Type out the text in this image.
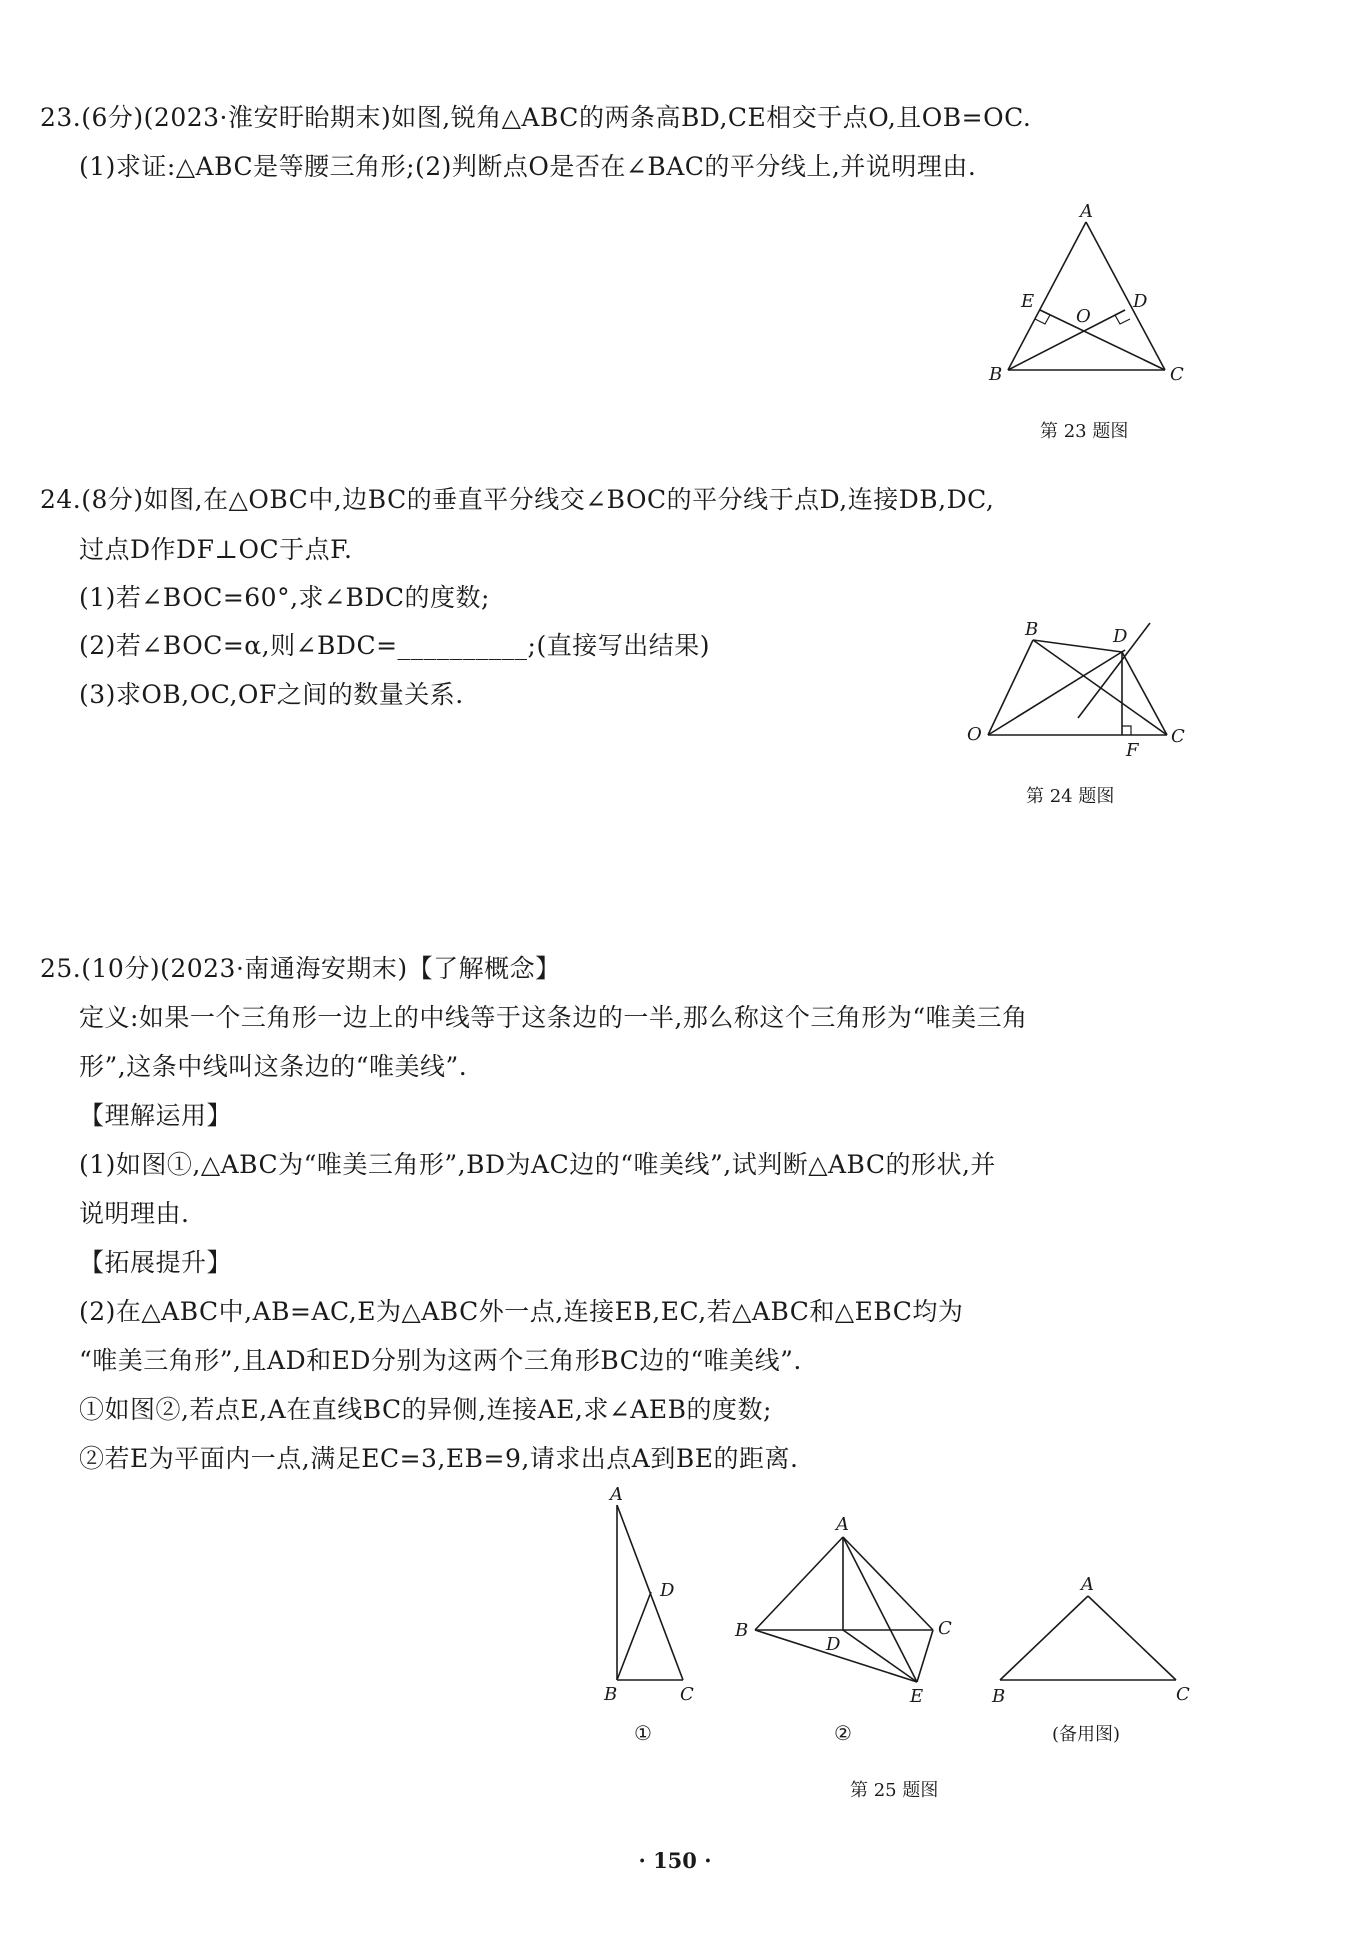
23.(6分)(2023·淮安盱眙期末)如图,锐角△ABC的两条高BD,CE相交于点O,且OB=OC.
(1)求证:△ABC是等腰三角形;(2)判断点O是否在∠BAC的平分线上,并说明理由.
A
B	C
D
E
O
第 23 题图
24.(8分)如图,在△OBC中,边BC的垂直平分线交∠BOC的平分线于点D,连接DB,DC,
过点D作DF⊥OC于点F.
(1)若∠BOC=60°,求∠BDC的度数;
(2)若∠BOC=α,则∠BDC=__________;(直接写出结果)
(3)求OB,OC,OF之间的数量关系.
B	D
O
F
C
第 24 题图
25.(10分)(2023·南通海安期末)【了解概念】
定义:如果一个三角形一边上的中线等于这条边的一半,那么称这个三角形为“唯美三角
形”,这条中线叫这条边的“唯美线”.
【理解运用】
(1)如图①,△ABC为“唯美三角形”,BD为AC边的“唯美线”,试判断△ABC的形状,并
说明理由.
【拓展提升】
(2)在△ABC中,AB=AC,E为△ABC外一点,连接EB,EC,若△ABC和△EBC均为
“唯美三角形”,且AD和ED分别为这两个三角形BC边的“唯美线”.
①如图②,若点E,A在直线BC的异侧,连接AE,求∠AEB的度数;
②若E为平面内一点,满足EC=3,EB=9,请求出点A到BE的距离.
A
B	C
D
①
A
B	C
D
E
②
A
B	C
(备用图)
第 25 题图
· 150 ·
